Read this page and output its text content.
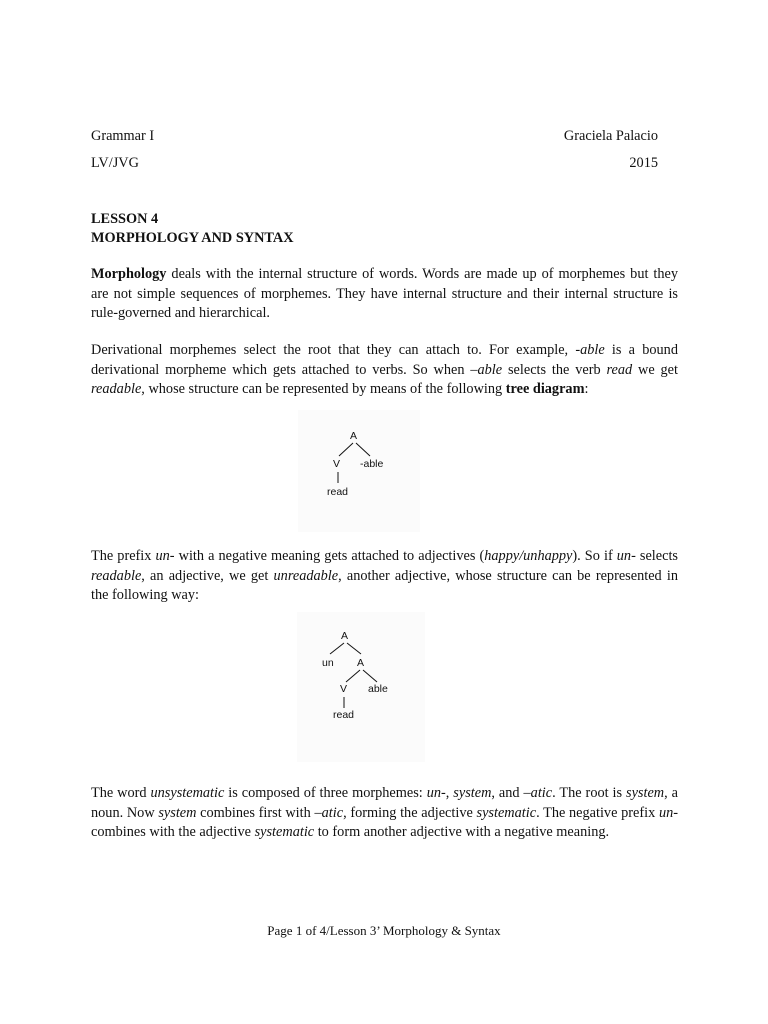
Grammar I	Graciela Palacio
LV/JVG	2015
LESSON 4
MORPHOLOGY AND SYNTAX
Morphology deals with the internal structure of words. Words are made up of morphemes but they are not simple sequences of morphemes. They have internal structure and their internal structure is rule-governed and hierarchical.
Derivational morphemes select the root that they can attach to. For example, -able is a bound derivational morpheme which gets attached to verbs. So when –able selects the verb read we get readable, whose structure can be represented by means of the following tree diagram:
A
V -able
read
The prefix un- with a negative meaning gets attached to adjectives (happy/unhappy). So if un- selects readable, an adjective, we get unreadable, another adjective, whose structure can be represented in the following way:
A
un A
V able
read
The word unsystematic is composed of three morphemes: un-, system, and –atic. The root is system, a noun. Now system combines first with –atic, forming the adjective systematic. The negative prefix un- combines with the adjective systematic to form another adjective with a negative meaning.
Page 1 of 4/Lesson 3’ Morphology & Syntax
